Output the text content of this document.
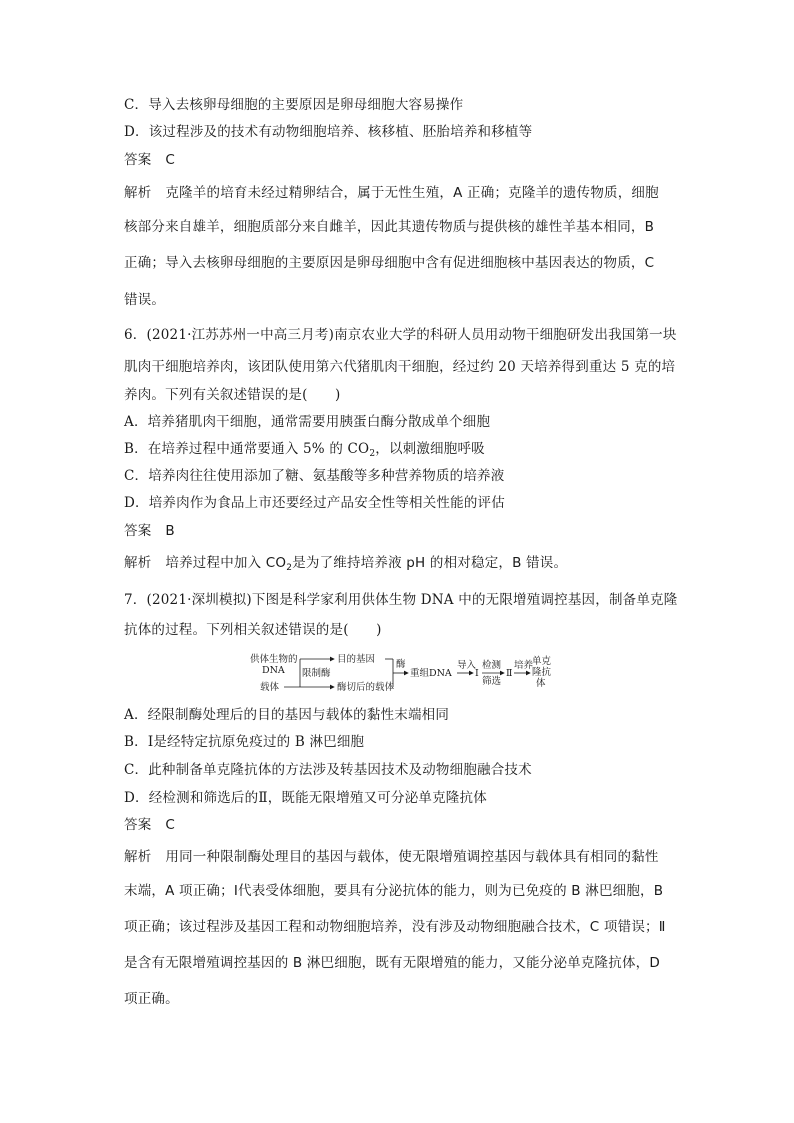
C．导入去核卵母细胞的主要原因是卵母细胞大容易操作
D．该过程涉及的技术有动物细胞培养、核移植、胚胎培养和移植等
答案 C
解析 克隆羊的培育未经过精卵结合，属于无性生殖，A 正确；克隆羊的遗传物质，细胞
核部分来自雄羊，细胞质部分来自雌羊，因此其遗传物质与提供核的雄性羊基本相同，B
正确；导入去核卵母细胞的主要原因是卵母细胞中含有促进细胞核中基因表达的物质，C
错误。
6．(2021·江苏苏州一中高三月考)南京农业大学的科研人员用动物干细胞研发出我国第一块
肌肉干细胞培养肉，该团队使用第六代猪肌肉干细胞，经过约 20 天培养得到重达 5 克的培
养肉。下列有关叙述错误的是(　　)
A．培养猪肌肉干细胞，通常需要用胰蛋白酶分散成单个细胞
B．在培养过程中通常要通入 5% 的 $CO_2$，以刺激细胞呼吸
C．培养肉往往使用添加了糖、氨基酸等多种营养物质的培养液
D．培养肉作为食品上市还要经过产品安全性等相关性能的评估
答案 B
解析 培养过程中加入 $CO_2$是为了维持培养液 pH 的相对稳定，B 错误。
7．(2021·深圳模拟)下图是科学家利用供体生物 DNA 中的无限增殖调控基因，制备单克隆
抗体的过程。下列相关叙述错误的是(　　)
供体生物的
DNA
载体
限制酶
目的基因
酶切后的载体
酶
重组DNA
导入
Ⅰ
检测
筛选
Ⅱ
培养
单克
隆抗
体
A．经限制酶处理后的目的基因与载体的黏性末端相同
B．Ⅰ是经特定抗原免疫过的 B 淋巴细胞
C．此种制备单克隆抗体的方法涉及转基因技术及动物细胞融合技术
D．经检测和筛选后的Ⅱ，既能无限增殖又可分泌单克隆抗体
答案 C
解析 用同一种限制酶处理目的基因与载体，使无限增殖调控基因与载体具有相同的黏性
末端，A 项正确；Ⅰ代表受体细胞，要具有分泌抗体的能力，则为已免疫的 B 淋巴细胞，B
项正确；该过程涉及基因工程和动物细胞培养，没有涉及动物细胞融合技术，C 项错误；Ⅱ
是含有无限增殖调控基因的 B 淋巴细胞，既有无限增殖的能力，又能分泌单克隆抗体，D
项正确。
